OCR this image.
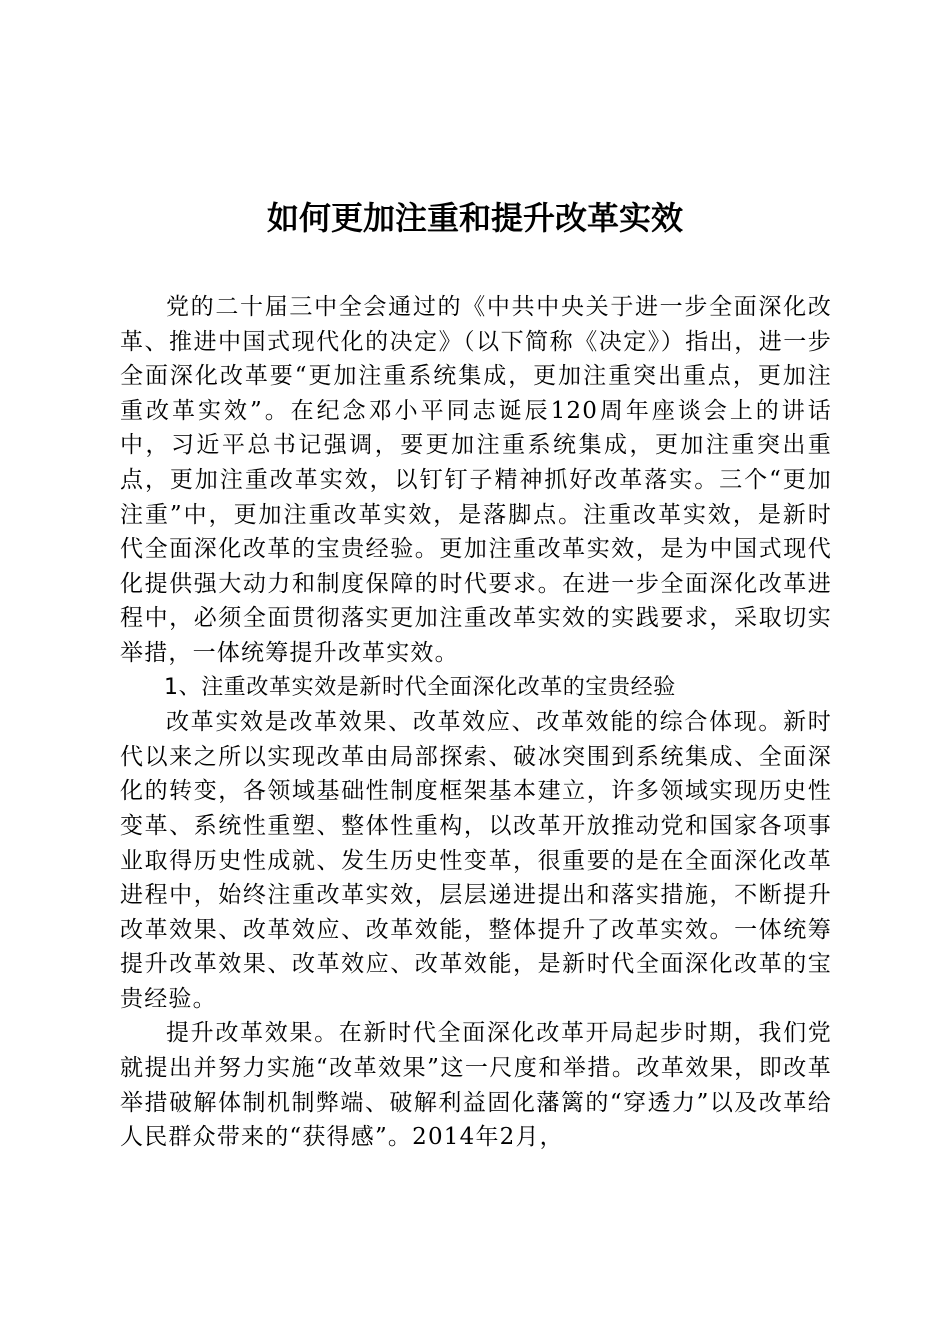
如何更加注重和提升改革实效

党的二十届三中全会通过的《中共中央关于进一步全面深化改革、推进中国式现代化的决定》（以下简称《决定》）指出，进一步全面深化改革要“更加注重系统集成，更加注重突出重点，更加注重改革实效”。在纪念邓小平同志诞辰120周年座谈会上的讲话中，习近平总书记强调，要更加注重系统集成，更加注重突出重点，更加注重改革实效，以钉钉子精神抓好改革落实。三个“更加注重”中，更加注重改革实效，是落脚点。注重改革实效，是新时代全面深化改革的宝贵经验。更加注重改革实效，是为中国式现代化提供强大动力和制度保障的时代要求。在进一步全面深化改革进程中，必须全面贯彻落实更加注重改革实效的实践要求，采取切实举措，一体统筹提升改革实效。

1、注重改革实效是新时代全面深化改革的宝贵经验

改革实效是改革效果、改革效应、改革效能的综合体现。新时代以来之所以实现改革由局部探索、破冰突围到系统集成、全面深化的转变，各领域基础性制度框架基本建立，许多领域实现历史性变革、系统性重塑、整体性重构，以改革开放推动党和国家各项事业取得历史性成就、发生历史性变革，很重要的是在全面深化改革进程中，始终注重改革实效，层层递进提出和落实措施，不断提升改革效果、改革效应、改革效能，整体提升了改革实效。一体统筹提升改革效果、改革效应、改革效能，是新时代全面深化改革的宝贵经验。

提升改革效果。在新时代全面深化改革开局起步时期，我们党就提出并努力实施“改革效果”这一尺度和举措。改革效果，即改革举措破解体制机制弊端、破解利益固化藩篱的“穿透力”以及改革给人民群众带来的“获得感”。2014年2月，
